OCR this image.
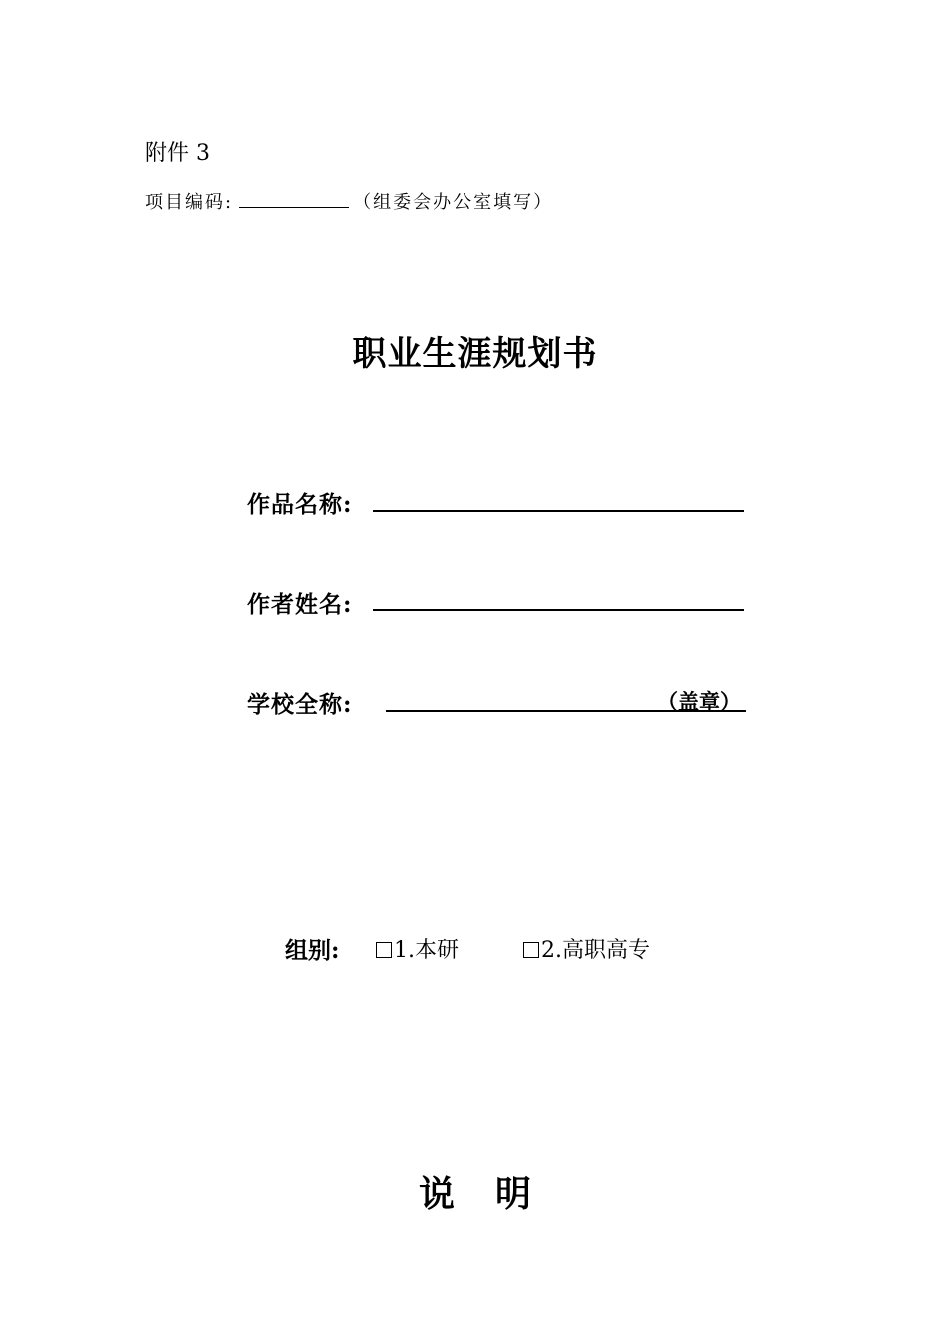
附件 3
项目编码:	（组委会办公室填写）
职业生涯规划书
作品名称:
作者姓名:
学校全称:	（盖章）
组别:	1.本研	2.高职高专
说 明
